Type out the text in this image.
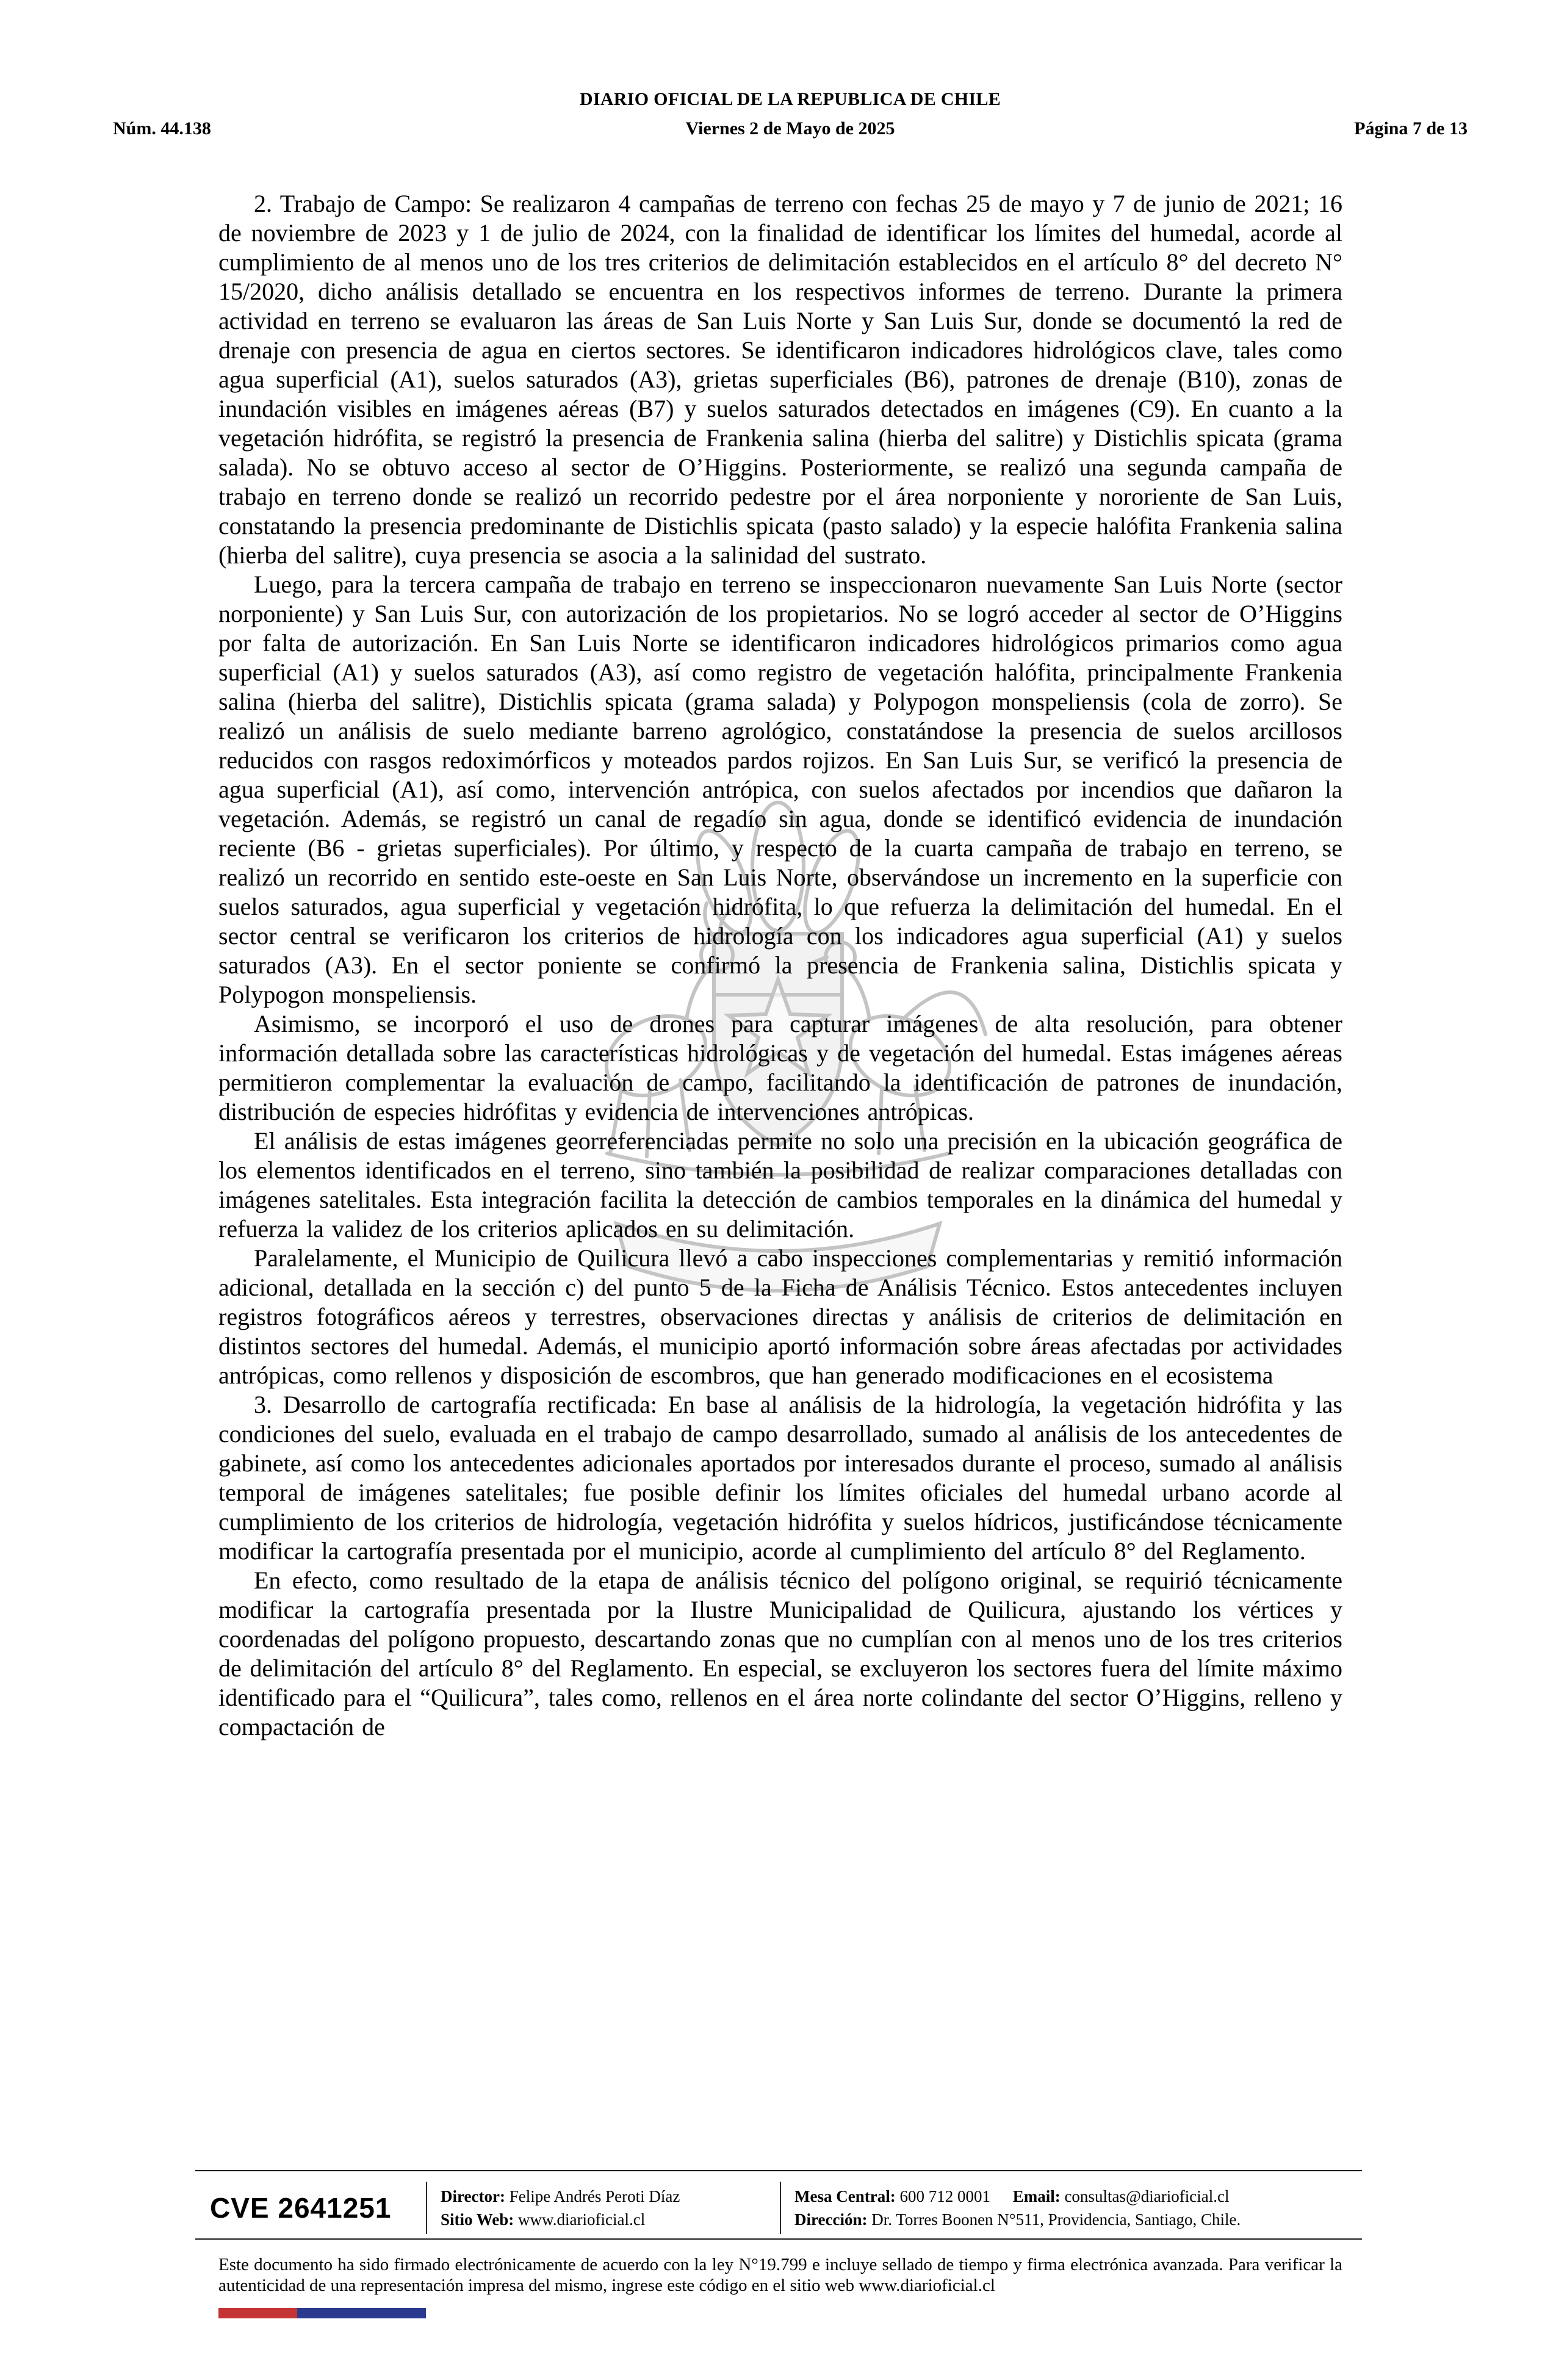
DIARIO OFICIAL DE LA REPUBLICA DE CHILE
Núm. 44.138	Viernes 2 de Mayo de 2025	Página 7 de 13

2. Trabajo de Campo: Se realizaron 4 campañas de terreno con fechas 25 de mayo y 7 de junio de 2021; 16 de noviembre de 2023 y 1 de julio de 2024, con la finalidad de identificar los límites del humedal, acorde al cumplimiento de al menos uno de los tres criterios de delimitación establecidos en el artículo 8° del decreto N° 15/2020, dicho análisis detallado se encuentra en los respectivos informes de terreno. Durante la primera actividad en terreno se evaluaron las áreas de San Luis Norte y San Luis Sur, donde se documentó la red de drenaje con presencia de agua en ciertos sectores. Se identificaron indicadores hidrológicos clave, tales como agua superficial (A1), suelos saturados (A3), grietas superficiales (B6), patrones de drenaje (B10), zonas de inundación visibles en imágenes aéreas (B7) y suelos saturados detectados en imágenes (C9). En cuanto a la vegetación hidrófita, se registró la presencia de Frankenia salina (hierba del salitre) y Distichlis spicata (grama salada). No se obtuvo acceso al sector de O’Higgins. Posteriormente, se realizó una segunda campaña de trabajo en terreno donde se realizó un recorrido pedestre por el área norponiente y nororiente de San Luis, constatando la presencia predominante de Distichlis spicata (pasto salado) y la especie halófita Frankenia salina (hierba del salitre), cuya presencia se asocia a la salinidad del sustrato.

Luego, para la tercera campaña de trabajo en terreno se inspeccionaron nuevamente San Luis Norte (sector norponiente) y San Luis Sur, con autorización de los propietarios. No se logró acceder al sector de O’Higgins por falta de autorización. En San Luis Norte se identificaron indicadores hidrológicos primarios como agua superficial (A1) y suelos saturados (A3), así como registro de vegetación halófita, principalmente Frankenia salina (hierba del salitre), Distichlis spicata (grama salada) y Polypogon monspeliensis (cola de zorro). Se realizó un análisis de suelo mediante barreno agrológico, constatándose la presencia de suelos arcillosos reducidos con rasgos redoximórficos y moteados pardos rojizos. En San Luis Sur, se verificó la presencia de agua superficial (A1), así como, intervención antrópica, con suelos afectados por incendios que dañaron la vegetación. Además, se registró un canal de regadío sin agua, donde se identificó evidencia de inundación reciente (B6 - grietas superficiales). Por último, y respecto de la cuarta campaña de trabajo en terreno, se realizó un recorrido en sentido este-oeste en San Luis Norte, observándose un incremento en la superficie con suelos saturados, agua superficial y vegetación hidrófita, lo que refuerza la delimitación del humedal. En el sector central se verificaron los criterios de hidrología con los indicadores agua superficial (A1) y suelos saturados (A3). En el sector poniente se confirmó la presencia de Frankenia salina, Distichlis spicata y Polypogon monspeliensis.

Asimismo, se incorporó el uso de drones para capturar imágenes de alta resolución, para obtener información detallada sobre las características hidrológicas y de vegetación del humedal. Estas imágenes aéreas permitieron complementar la evaluación de campo, facilitando la identificación de patrones de inundación, distribución de especies hidrófitas y evidencia de intervenciones antrópicas.

El análisis de estas imágenes georreferenciadas permite no solo una precisión en la ubicación geográfica de los elementos identificados en el terreno, sino también la posibilidad de realizar comparaciones detalladas con imágenes satelitales. Esta integración facilita la detección de cambios temporales en la dinámica del humedal y refuerza la validez de los criterios aplicados en su delimitación.

Paralelamente, el Municipio de Quilicura llevó a cabo inspecciones complementarias y remitió información adicional, detallada en la sección c) del punto 5 de la Ficha de Análisis Técnico. Estos antecedentes incluyen registros fotográficos aéreos y terrestres, observaciones directas y análisis de criterios de delimitación en distintos sectores del humedal. Además, el municipio aportó información sobre áreas afectadas por actividades antrópicas, como rellenos y disposición de escombros, que han generado modificaciones en el ecosistema

3. Desarrollo de cartografía rectificada: En base al análisis de la hidrología, la vegetación hidrófita y las condiciones del suelo, evaluada en el trabajo de campo desarrollado, sumado al análisis de los antecedentes de gabinete, así como los antecedentes adicionales aportados por interesados durante el proceso, sumado al análisis temporal de imágenes satelitales; fue posible definir los límites oficiales del humedal urbano acorde al cumplimiento de los criterios de hidrología, vegetación hidrófita y suelos hídricos, justificándose técnicamente modificar la cartografía presentada por el municipio, acorde al cumplimiento del artículo 8° del Reglamento.

En efecto, como resultado de la etapa de análisis técnico del polígono original, se requirió técnicamente modificar la cartografía presentada por la Ilustre Municipalidad de Quilicura, ajustando los vértices y coordenadas del polígono propuesto, descartando zonas que no cumplían con al menos uno de los tres criterios de delimitación del artículo 8° del Reglamento. En especial, se excluyeron los sectores fuera del límite máximo identificado para el “Quilicura”, tales como, rellenos en el área norte colindante del sector O’Higgins, relleno y compactación de

CVE 2641251	Director: Felipe Andrés Peroti Díaz
Sitio Web: www.diarioficial.cl
Mesa Central: 600 712 0001 Email: consultas@diarioficial.cl
Dirección: Dr. Torres Boonen N°511, Providencia, Santiago, Chile.

Este documento ha sido firmado electrónicamente de acuerdo con la ley N°19.799 e incluye sellado de tiempo y firma electrónica avanzada. Para verificar la autenticidad de una representación impresa del mismo, ingrese este código en el sitio web www.diarioficial.cl
